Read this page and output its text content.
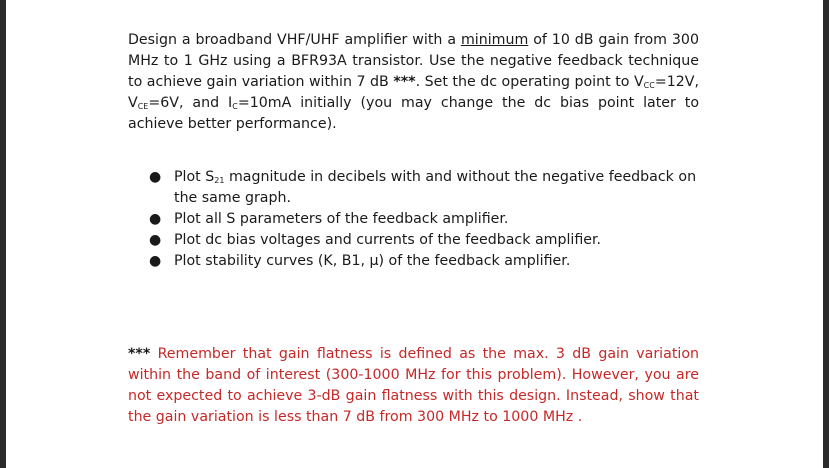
Design a broadband VHF/UHF amplifier with a minimum of 10 dB gain from 300 MHz to 1 GHz using a BFR93A transistor. Use the negative feedback technique to achieve gain variation within 7 dB ***. Set the dc operating point to $V_{CC}=12V$, $V_{CE}=6V$, and $I_C=10mA$ initially (you may change the dc bias point later to achieve better performance).

● Plot $S_{21}$ magnitude in decibels with and without the negative feedback on the same graph.
● Plot all S parameters of the feedback amplifier.
● Plot dc bias voltages and currents of the feedback amplifier.
● Plot stability curves (K, B1, μ) of the feedback amplifier.

*** Remember that gain flatness is defined as the max. 3 dB gain variation within the band of interest (300-1000 MHz for this problem). However, you are not expected to achieve 3-dB gain flatness with this design. Instead, show that the gain variation is less than 7 dB from 300 MHz to 1000 MHz .
